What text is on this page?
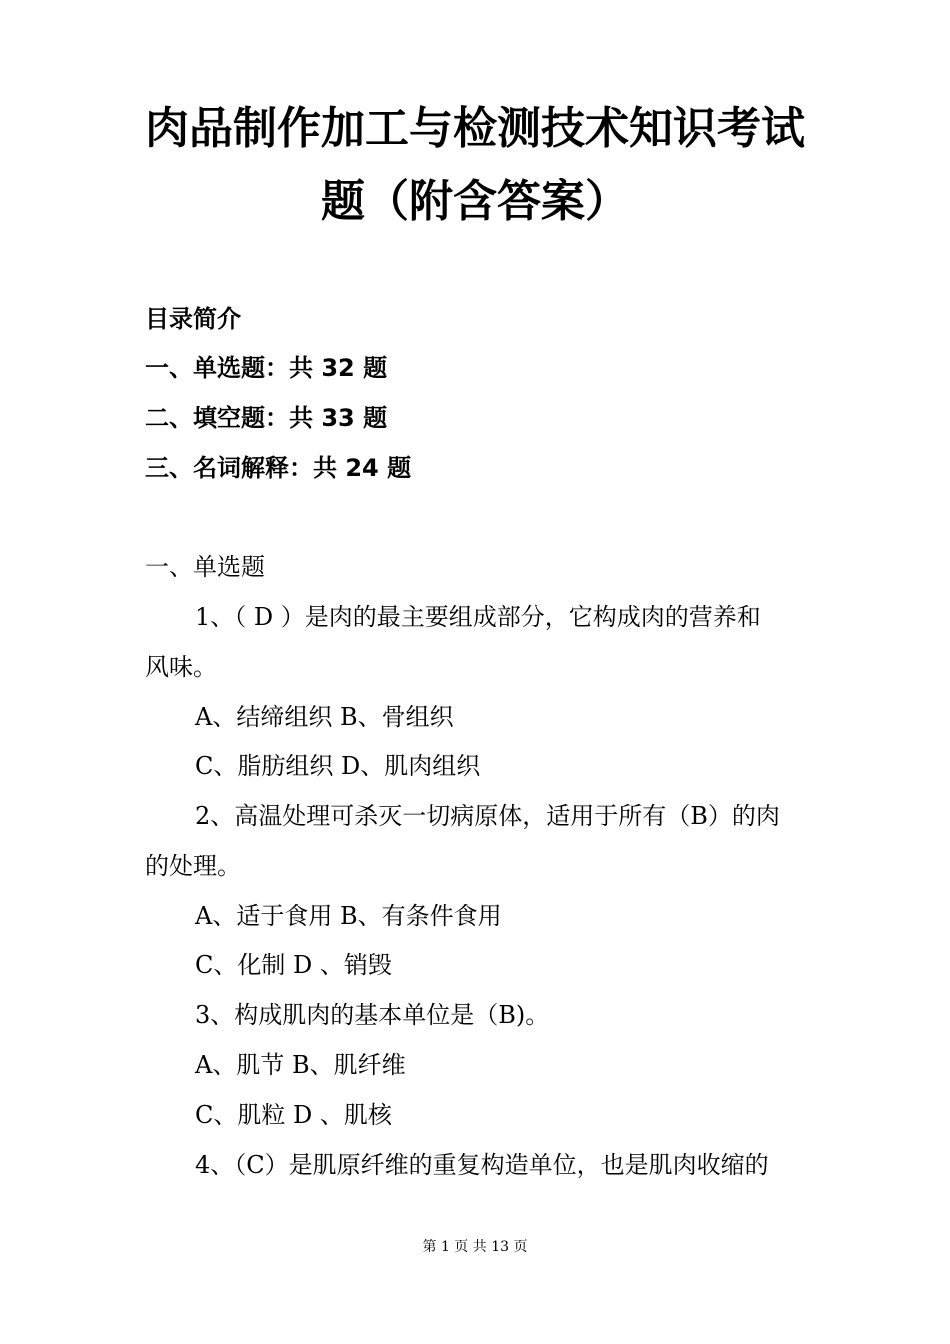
肉品制作加工与检测技术知识考试
题（附含答案）
目录简介
一、单选题：共 32 题
二、填空题：共 33 题
三、名词解释：共 24 题
一、单选题
1、（ D ）是肉的最主要组成部分，它构成肉的营养和
风味。
A、结缔组织 B、骨组织
C、脂肪组织 D、肌肉组织
2、高温处理可杀灭一切病原体，适用于所有（B）的肉
的处理。
A、适于食用 B、有条件食用
C、化制 D 、销毁
3、构成肌肉的基本单位是（B)。
A、肌节 B、肌纤维
C、肌粒 D 、肌核
4、（C）是肌原纤维的重复构造单位，也是肌肉收缩的
第 1 页 共 13 页
